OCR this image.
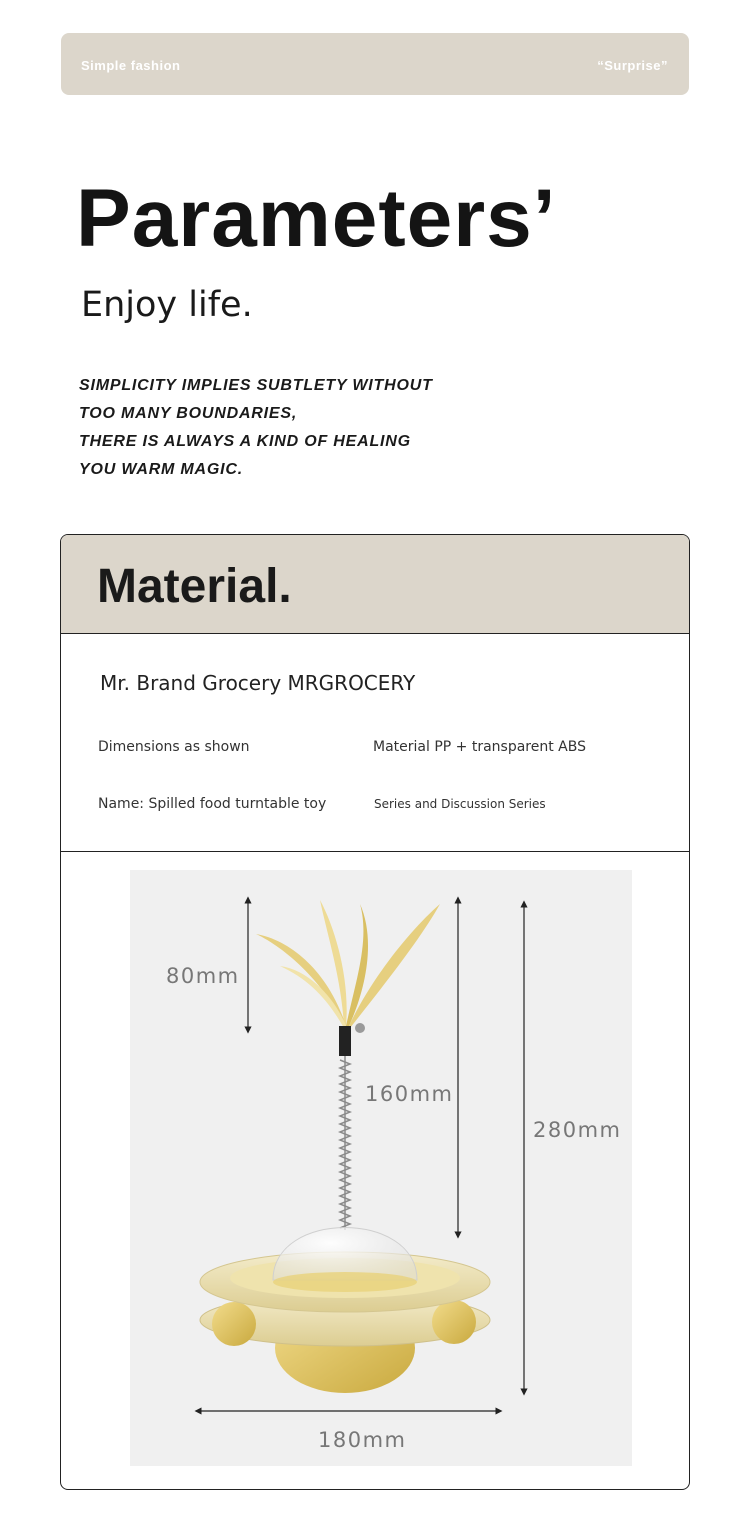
Simple fashion	“Surprise”
Parameters’
Enjoy life.
SIMPLICITY IMPLIES SUBTLETY WITHOUT
TOO MANY BOUNDARIES,
THERE IS ALWAYS A KIND OF HEALING
YOU WARM MAGIC.
Material.
Mr. Brand Grocery MRGROCERY
Dimensions as shown	Material PP + transparent ABS
Name: Spilled food turntable toy	Series and Discussion Series
80mm
160mm
280mm
180mm
